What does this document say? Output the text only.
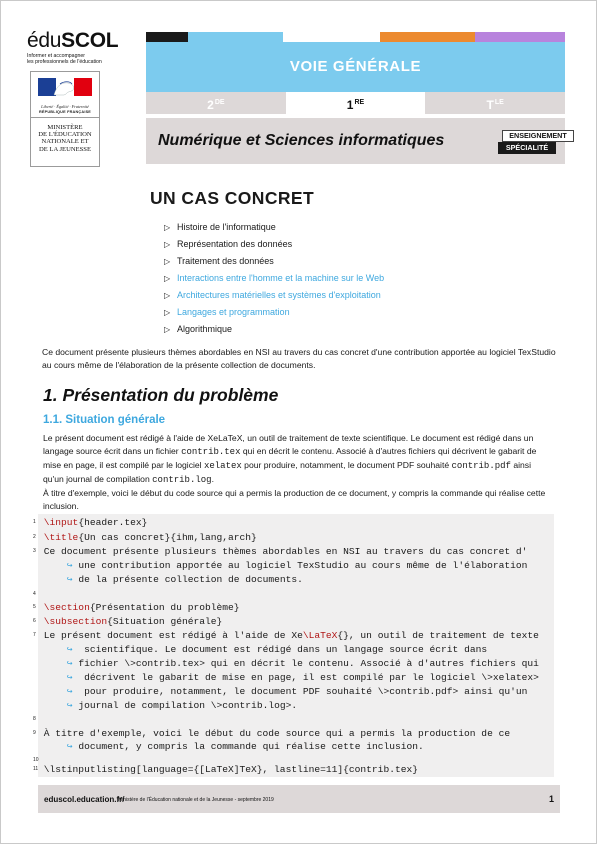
éduSCOL
Informer et accompagner
les professionnels de l'éducation
Liberté · Égalité · Fraternité
RÉPUBLIQUE FRANÇAISE
MINISTÈRE
DE L'ÉDUCATION
NATIONALE ET
DE LA JEUNESSE
VOIE GÉNÉRALE
2DE	1RE	$T^{LE}$
Numérique et Sciences informatiques	ENSEIGNEMENT
SPÉCIALITÉ
UN CAS CONCRET
▷ Histoire de l'informatique
▷ Représentation des données
▷ Traitement des données
▷ Interactions entre l'homme et la machine sur le Web
▷ Architectures matérielles et systèmes d'exploitation
▷ Langages et programmation
▷ Algorithmique
Ce document présente plusieurs thèmes abordables en NSI au travers du cas concret d'une contribution apportée au logiciel TexStudio au cours même de l'élaboration de la présente collection de documents.
1. Présentation du problème
1.1. Situation générale
Le présent document est rédigé à l'aide de XeLaTeX, un outil de traitement de texte scientifique. Le document est rédigé dans un
langage source écrit dans un fichier contrib.tex qui en décrit le contenu. Associé à d'autres fichiers qui décrivent le gabarit de
mise en page, il est compilé par le logiciel xelatex pour produire, notamment, le document PDF souhaité contrib.pdf ainsi
qu'un journal de compilation contrib.log.
À titre d'exemple, voici le début du code source qui a permis la production de ce document, y compris la commande qui réalise cette
inclusion.
1 \input{header.tex}
2 \title{Un cas concret}{ihm,lang,arch}
3 Ce document présente plusieurs thèmes abordables en NSI au travers du cas concret d'
↪ une contribution apportée au logiciel TexStudio au cours même de l'élaboration
↪ de la présente collection de documents.
4
5 \section{Présentation du problème}
6 \subsection{Situation générale}
7 Le présent document est rédigé à l'aide de Xe\LaTeX{}, un outil de traitement de texte
↪  scientifique. Le document est rédigé dans un langage source écrit dans
↪ fichier \>contrib.tex> qui en décrit le contenu. Associé à d'autres fichiers qui
↪  décrivent le gabarit de mise en page, il est compilé par le logiciel \>xelatex>
↪  pour produire, notamment, le document PDF souhaité \>contrib.pdf> ainsi qu'un
↪ journal de compilation \>contrib.log>.
8
9 À titre d'exemple, voici le début du code source qui a permis la production de ce
↪ document, y compris la commande qui réalise cette inclusion.
10
11 \lstinputlisting[language={[LaTeX]TeX}, lastline=11]{contrib.tex}
eduscol.education.fr/
Ministère de l'Éducation nationale et de la Jeunesse - septembre 2019	1
